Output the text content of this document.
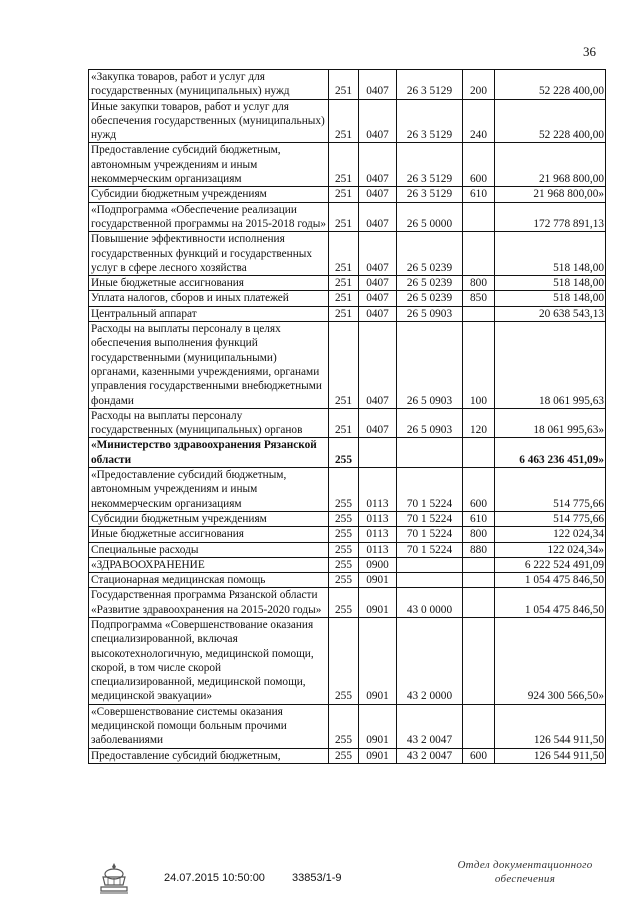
36
«Закупка товаров, работ и услуг для государственных (муниципальных) нужд	251	0407	26 3 5129	200	52 228 400,00
Иные закупки товаров, работ и услуг для обеспечения государственных (муниципальных) нужд	251	0407	26 3 5129	240	52 228 400,00
Предоставление субсидий бюджетным, автономным учреждениям и иным некоммерческим организациям	251	0407	26 3 5129	600	21 968 800,00
Субсидии бюджетным учреждениям	251	0407	26 3 5129	610	21 968 800,00»
«Подпрограмма «Обеспечение реализации государственной программы на 2015-2018 годы»	251	0407	26 5 0000		172 778 891,13
Повышение эффективности исполнения государственных функций и государственных услуг в сфере лесного хозяйства	251	0407	26 5 0239		518 148,00
Иные бюджетные ассигнования	251	0407	26 5 0239	800	518 148,00
Уплата налогов, сборов и иных платежей	251	0407	26 5 0239	850	518 148,00
Центральный аппарат	251	0407	26 5 0903		20 638 543,13
Расходы на выплаты персоналу в целях обеспечения выполнения функций государственными (муниципальными) органами, казенными учреждениями, органами управления государственными внебюджетными фондами	251	0407	26 5 0903	100	18 061 995,63
Расходы на выплаты персоналу государственных (муниципальных) органов	251	0407	26 5 0903	120	18 061 995,63»
«Министерство здравоохранения Рязанской области	255				6 463 236 451,09»
«Предоставление субсидий бюджетным, автономным учреждениям и иным некоммерческим организациям	255	0113	70 1 5224	600	514 775,66
Субсидии бюджетным учреждениям	255	0113	70 1 5224	610	514 775,66
Иные бюджетные ассигнования	255	0113	70 1 5224	800	122 024,34
Специальные расходы	255	0113	70 1 5224	880	122 024,34»
«ЗДРАВООХРАНЕНИЕ	255	0900			6 222 524 491,09
Стационарная медицинская помощь	255	0901			1 054 475 846,50
Государственная программа Рязанской области «Развитие здравоохранения на 2015-2020 годы»	255	0901	43 0 0000		1 054 475 846,50
Подпрограмма «Совершенствование оказания специализированной, включая высокотехнологичную, медицинской помощи, скорой, в том числе скорой специализированной, медицинской помощи, медицинской эвакуации»	255	0901	43 2 0000		924 300 566,50»
«Совершенствование системы оказания медицинской помощи больным прочими заболеваниями	255	0901	43 2 0047		126 544 911,50
Предоставление субсидий бюджетным,	255	0901	43 2 0047	600	126 544 911,50
24.07.2015 10:50:00 33853/1-9
Отдел документационного
обеспечения
